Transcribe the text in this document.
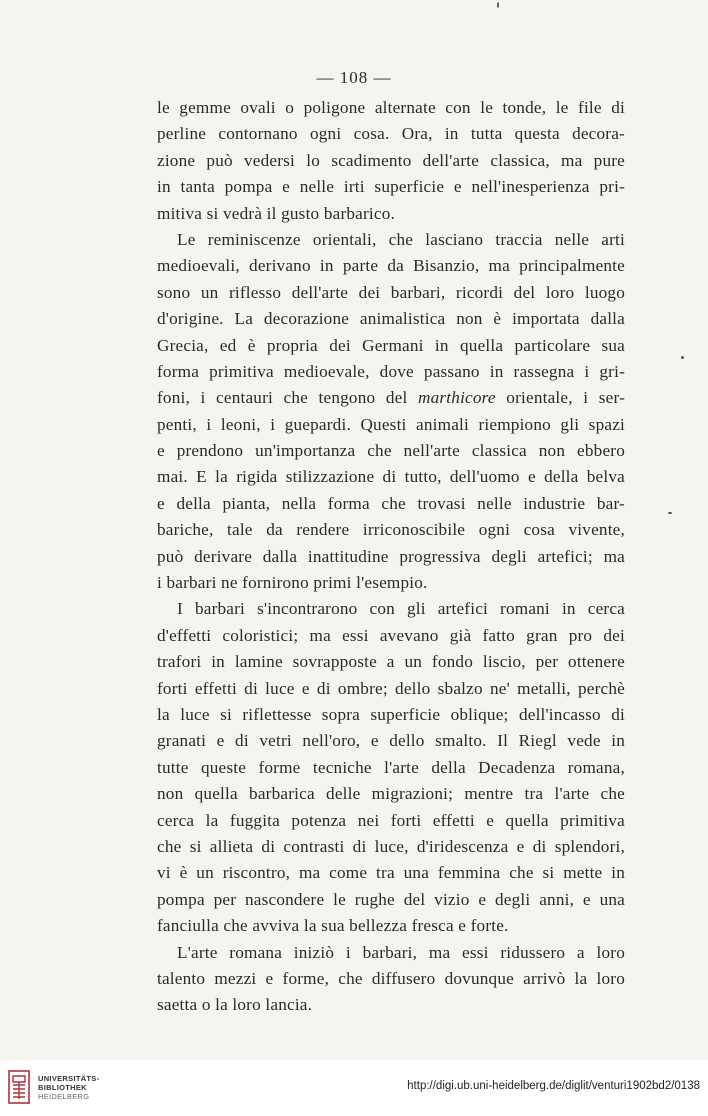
— 108 —
le gemme ovali o poligone alternate con le tonde, le file di
perline contornano ogni cosa. Ora, in tutta questa decora-
zione può vedersi lo scadimento dell'arte classica, ma pure
in tanta pompa e nelle irti superficie e nell'inesperienza pri-
mitiva si vedrà il gusto barbarico.
Le reminiscenze orientali, che lasciano traccia nelle arti
medioevali, derivano in parte da Bisanzio, ma principalmente
sono un riflesso dell'arte dei barbari, ricordi del loro luogo
d'origine. La decorazione animalistica non è importata dalla
Grecia, ed è propria dei Germani in quella particolare sua
forma primitiva medioevale, dove passano in rassegna i gri-
foni, i centauri che tengono del marthicore orientale, i ser-
penti, i leoni, i guepardi. Questi animali riempiono gli spazi
e prendono un'importanza che nell'arte classica non ebbero
mai. E la rigida stilizzazione di tutto, dell'uomo e della belva
e della pianta, nella forma che trovasi nelle industrie bar-
bariche, tale da rendere irriconoscibile ogni cosa vivente,
può derivare dalla inattitudine progressiva degli artefici; ma
i barbari ne fornirono primi l'esempio.
I barbari s'incontrarono con gli artefici romani in cerca
d'effetti coloristici; ma essi avevano già fatto gran pro dei
trafori in lamine sovrapposte a un fondo liscio, per ottenere
forti effetti di luce e di ombre; dello sbalzo ne' metalli, perchè
la luce si riflettesse sopra superficie oblique; dell'incasso di
granati e di vetri nell'oro, e dello smalto. Il Riegl vede in
tutte queste forme tecniche l'arte della Decadenza romana,
non quella barbarica delle migrazioni; mentre tra l'arte che
cerca la fuggita potenza nei forti effetti e quella primitiva
che si allieta di contrasti di luce, d'iridescenza e di splendori,
vi è un riscontro, ma come tra una femmina che si mette in
pompa per nascondere le rughe del vizio e degli anni, e una
fanciulla che avviva la sua bellezza fresca e forte.
L'arte romana iniziò i barbari, ma essi ridussero a loro
talento mezzi e forme, che diffusero dovunque arrivò la loro
saetta o la loro lancia.
UNIVERSITÄTS-
BIBLIOTHEK
HEIDELBERG
http://digi.ub.uni-heidelberg.de/diglit/venturi1902bd2/0138
